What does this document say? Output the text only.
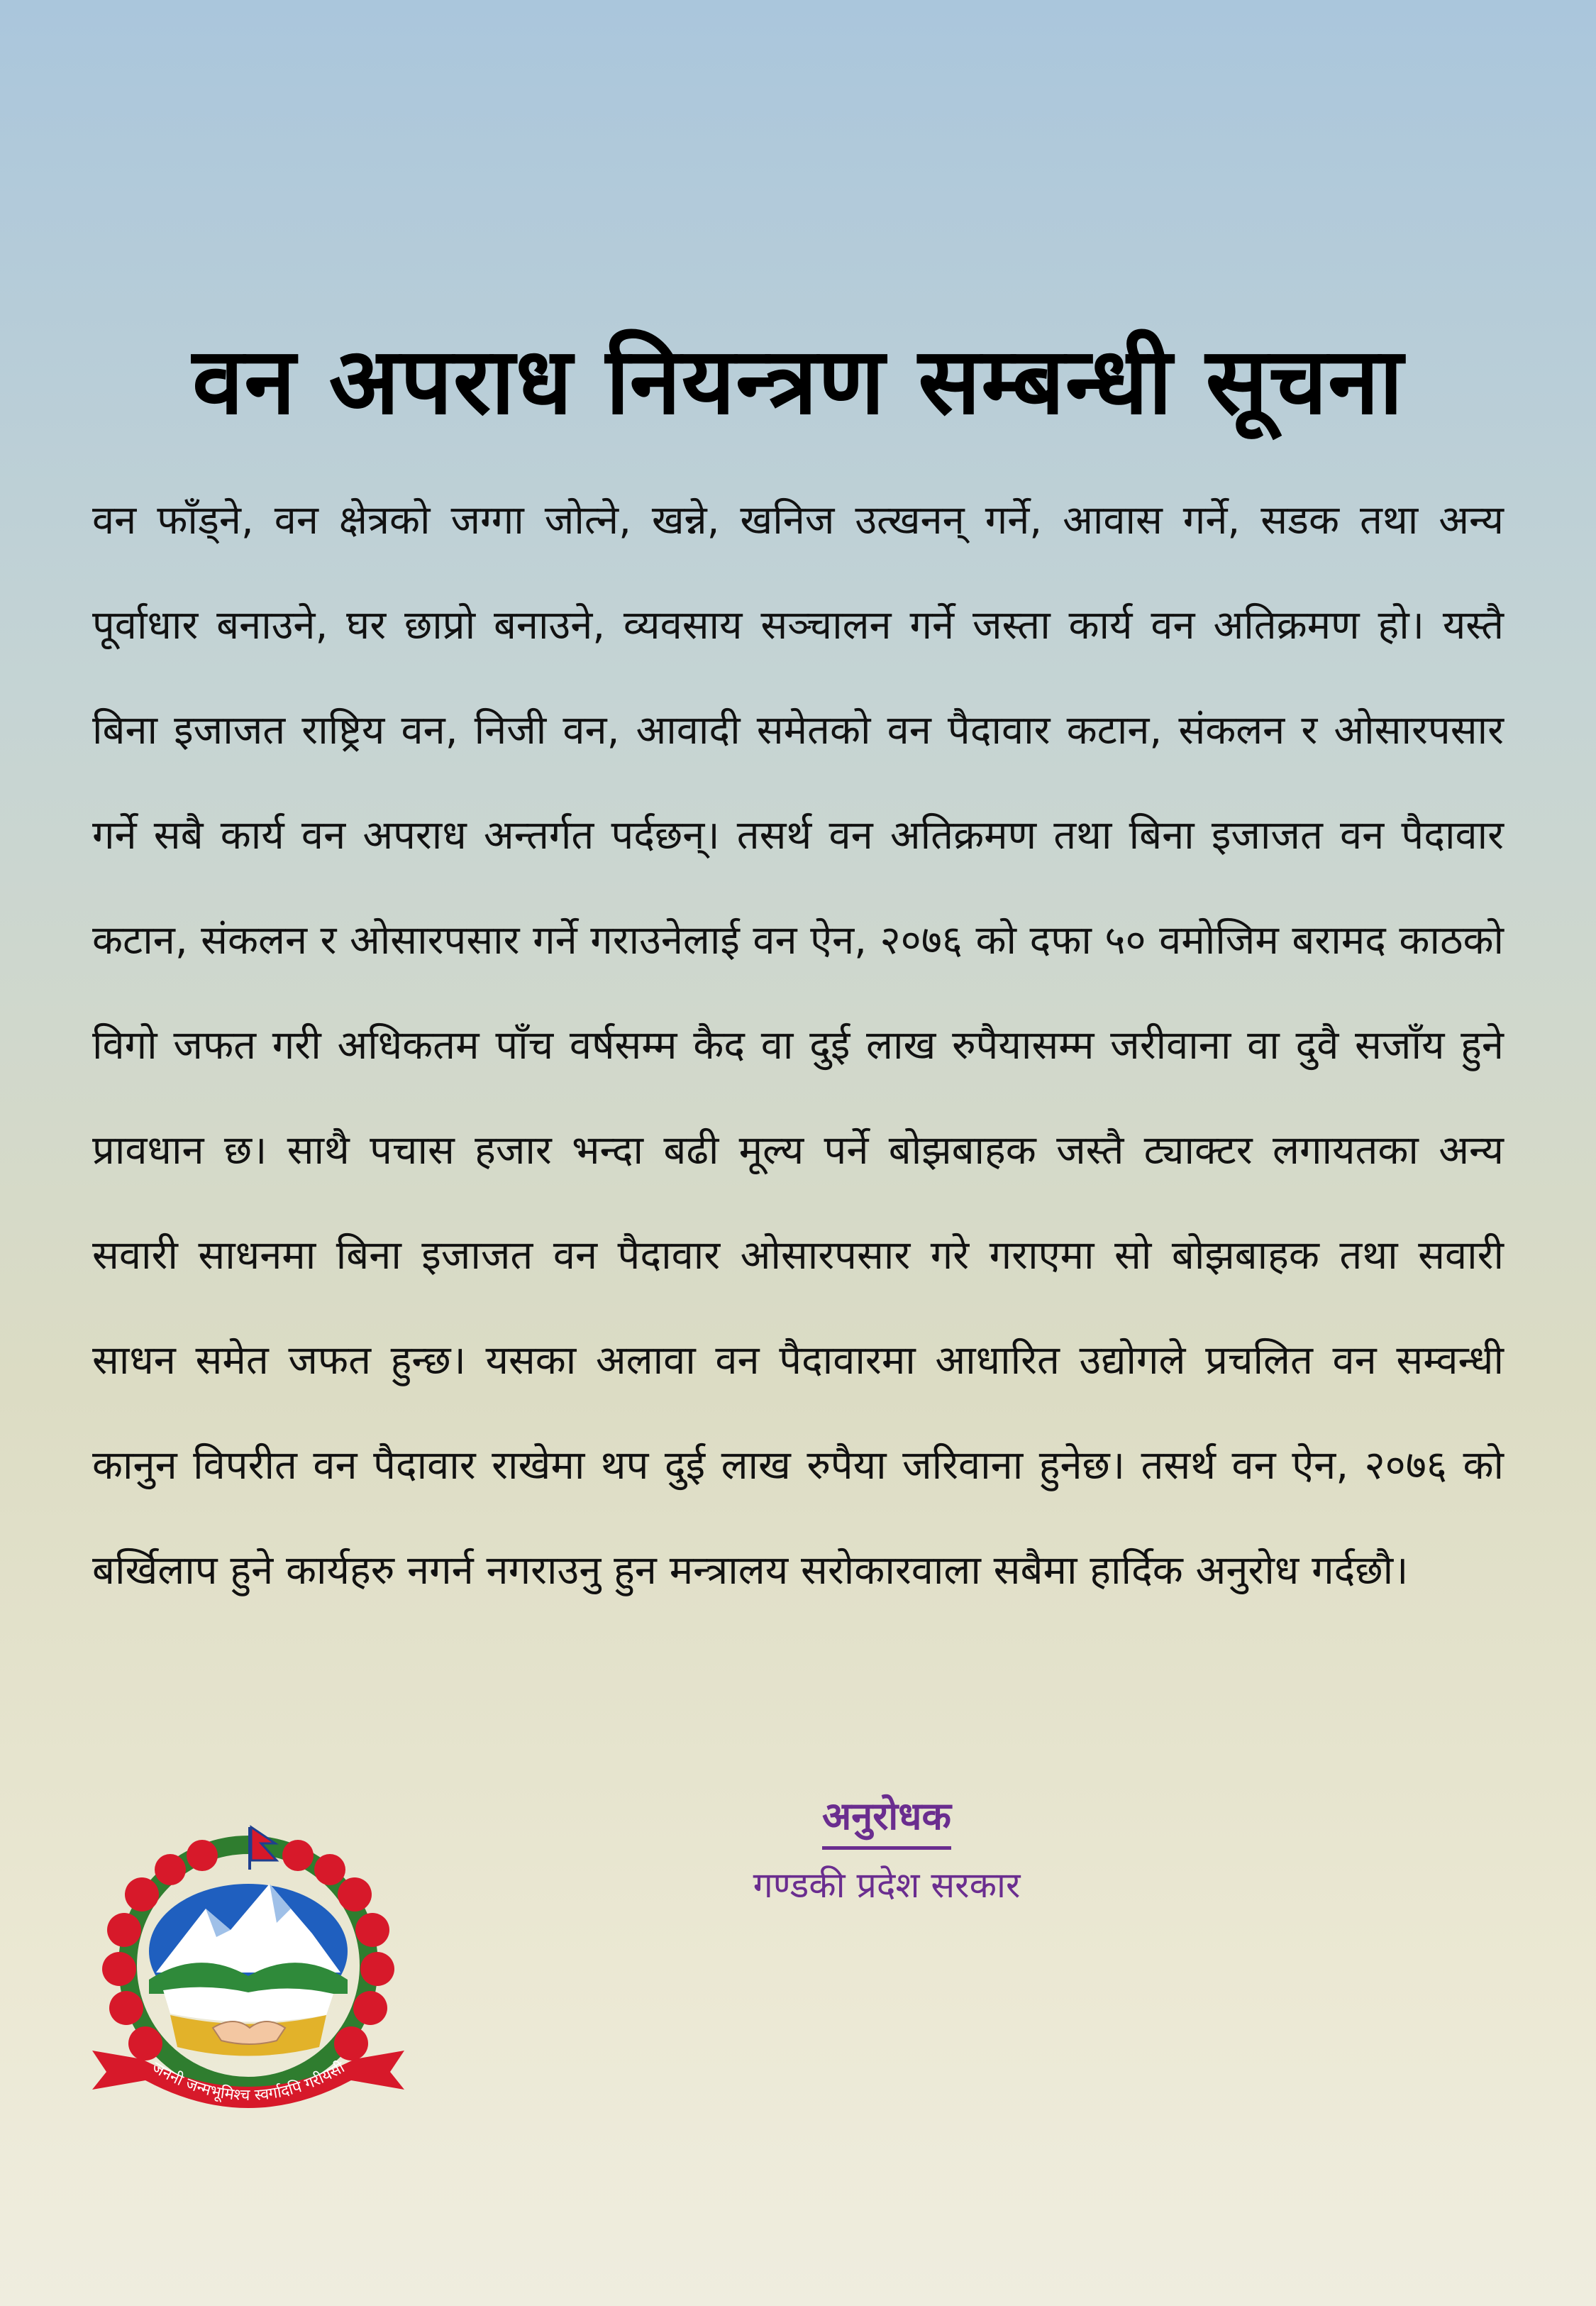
वन अपराध नियन्त्रण सम्बन्धी सूचना
वन फाँड्ने, वन क्षेत्रको जग्गा जोत्ने, खन्ने, खनिज उत्खनन् गर्ने, आवास गर्ने, सडक तथा अन्य पूर्वाधार बनाउने, घर छाप्रो बनाउने, व्यवसाय सञ्चालन गर्ने जस्ता कार्य वन अतिक्रमण हो। यस्तै बिना इजाजत राष्ट्रिय वन, निजी वन, आवादी समेतको वन पैदावार कटान, संकलन र ओसारपसार गर्ने सबै कार्य वन अपराध अन्तर्गत पर्दछन्। तसर्थ वन अतिक्रमण तथा बिना इजाजत वन पैदावार कटान, संकलन र ओसारपसार गर्ने गराउनेलाई वन ऐन, २०७६ को दफा ५० वमोजिम बरामद काठको विगो जफत गरी अधिकतम पाँच वर्षसम्म कैद वा दुई लाख रुपैयासम्म जरीवाना वा दुवै सजाँय हुने प्रावधान छ। साथै पचास हजार भन्दा बढी मूल्य पर्ने बोझबाहक जस्तै ट्याक्टर लगायतका अन्य सवारी साधनमा बिना इजाजत वन पैदावार ओसारपसार गरे गराएमा सो बोझबाहक तथा सवारी साधन समेत जफत हुन्छ। यसका अलावा वन पैदावारमा आधारित उद्योगले प्रचलित वन सम्वन्धी कानुन विपरीत वन पैदावार राखेमा थप दुई लाख रुपैया जरिवाना हुनेछ। तसर्थ वन ऐन, २०७६ को बर्खिलाप हुने कार्यहरु नगर्न नगराउनु हुन मन्त्रालय सरोकारवाला सबैमा हार्दिक अनुरोध गर्दछौ।
अनुरोधक
गण्डकी प्रदेश सरकार
जननी जन्मभूमिश्च स्वर्गादपि गरीयसी
